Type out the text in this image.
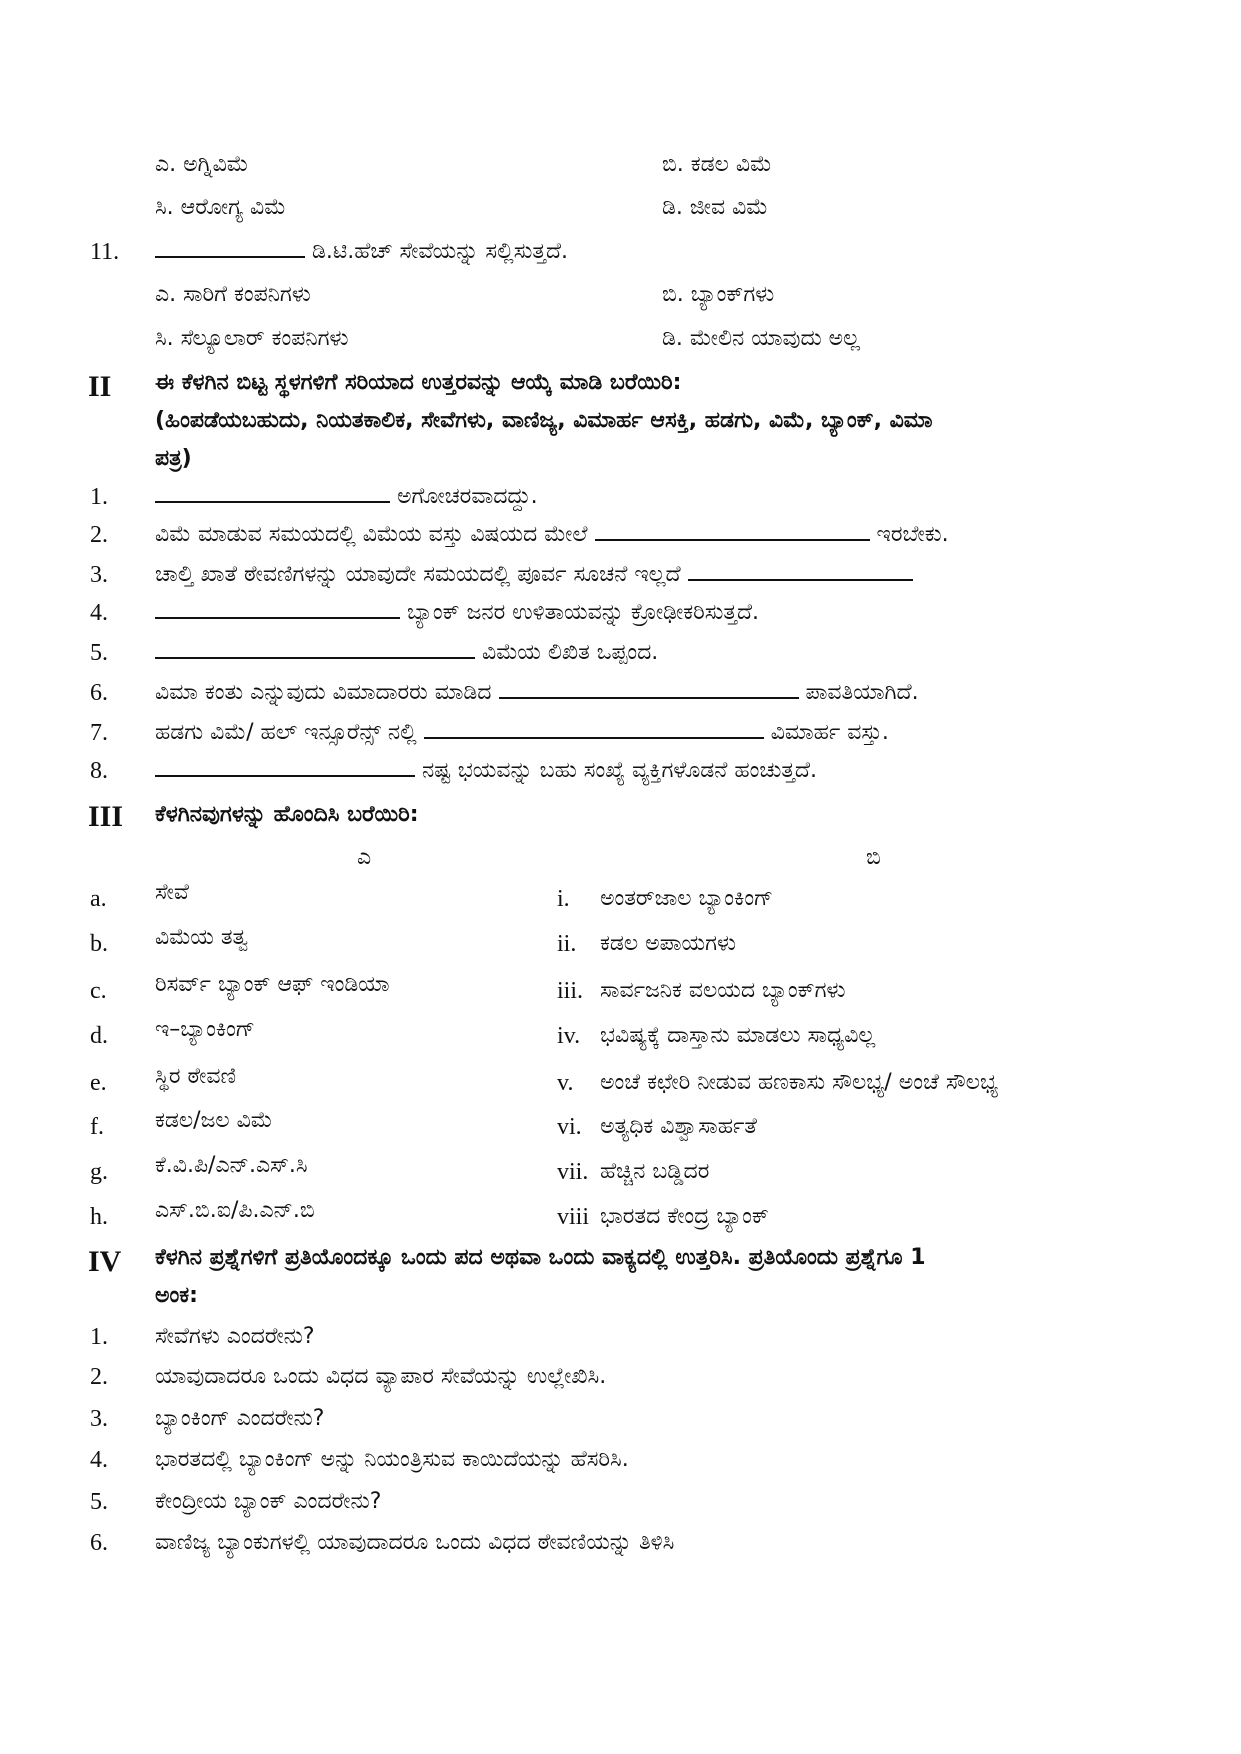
ಎ. ಅಗ್ನಿವಿಮೆ	ಬಿ. ಕಡಲ ವಿಮೆ
ಸಿ. ಆರೋಗ್ಯ ವಿಮೆ	ಡಿ. ಜೀವ ವಿಮೆ
11.	ಡಿ.ಟಿ.ಹೆಚ್ ಸೇವೆಯನ್ನು ಸಲ್ಲಿಸುತ್ತದೆ.
ಎ. ಸಾರಿಗೆ ಕಂಪನಿಗಳು	ಬಿ. ಬ್ಯಾಂಕ್‌ಗಳು
ಸಿ. ಸೆಲ್ಯೂಲಾರ್ ಕಂಪನಿಗಳು	ಡಿ. ಮೇಲಿನ ಯಾವುದು ಅಲ್ಲ
II ಈ ಕೆಳಗಿನ ಬಿಟ್ಟ ಸ್ಥಳಗಳಿಗೆ ಸರಿಯಾದ ಉತ್ತರವನ್ನು ಆಯ್ಕೆ ಮಾಡಿ ಬರೆಯಿರಿ:
(ಹಿಂಪಡೆಯಬಹುದು, ನಿಯತಕಾಲಿಕ, ಸೇವೆಗಳು, ವಾಣಿಜ್ಯ, ವಿಮಾರ್ಹ ಆಸಕ್ತಿ, ಹಡಗು, ವಿಮೆ, ಬ್ಯಾಂಕ್, ವಿಮಾ
ಪತ್ರ)
1.	ಅಗೋಚರವಾದದ್ದು.
2. ವಿಮೆ ಮಾಡುವ ಸಮಯದಲ್ಲಿ ವಿಮೆಯ ವಸ್ತು ವಿಷಯದ ಮೇಲೆ	ಇರಬೇಕು.
3. ಚಾಲ್ತಿ ಖಾತೆ ಠೇವಣಿಗಳನ್ನು ಯಾವುದೇ ಸಮಯದಲ್ಲಿ ಪೂರ್ವ ಸೂಚನೆ ಇಲ್ಲದೆ
4.	ಬ್ಯಾಂಕ್ ಜನರ ಉಳಿತಾಯವನ್ನು ಕ್ರೋಢೀಕರಿಸುತ್ತದೆ.
5.	ವಿಮೆಯ ಲಿಖಿತ ಒಪ್ಪಂದ.
6. ವಿಮಾ ಕಂತು ಎನ್ನುವುದು ವಿಮಾದಾರರು ಮಾಡಿದ	ಪಾವತಿಯಾಗಿದೆ.
7. ಹಡಗು ವಿಮೆ/ ಹಲ್ ಇನ್ಸೂರೆನ್ಸ್ ನಲ್ಲಿ	ವಿಮಾರ್ಹ ವಸ್ತು.
8.	ನಷ್ಟ ಭಯವನ್ನು ಬಹು ಸಂಖ್ಯೆ ವ್ಯಕ್ತಿಗಳೊಡನೆ ಹಂಚುತ್ತದೆ.
III ಕೆಳಗಿನವುಗಳನ್ನು ಹೊಂದಿಸಿ ಬರೆಯಿರಿ:
ಎ	ಬಿ
a. ಸೇವೆ	i. ಅಂತರ್‌ಜಾಲ ಬ್ಯಾಂಕಿಂಗ್
b. ವಿಮೆಯ ತತ್ವ	ii. ಕಡಲ ಅಪಾಯಗಳು
c. ರಿಸರ್ವ್ ಬ್ಯಾಂಕ್ ಆಫ್ ಇಂಡಿಯಾ	iii. ಸಾರ್ವಜನಿಕ ವಲಯದ ಬ್ಯಾಂಕ್‌ಗಳು
d. ಇ–ಬ್ಯಾಂಕಿಂಗ್	iv. ಭವಿಷ್ಯಕ್ಕೆ ದಾಸ್ತಾನು ಮಾಡಲು ಸಾಧ್ಯವಿಲ್ಲ
e. ಸ್ಥಿರ ಠೇವಣಿ	v. ಅಂಚೆ ಕಛೇರಿ ನೀಡುವ ಹಣಕಾಸು ಸೌಲಭ್ಯ/ ಅಂಚೆ ಸೌಲಭ್ಯ
f. ಕಡಲ/ಜಲ ವಿಮೆ	vi. ಅತ್ಯಧಿಕ ವಿಶ್ವಾಸಾರ್ಹತೆ
g. ಕೆ.ವಿ.ಪಿ/ಎನ್.ಎಸ್.ಸಿ	vii. ಹೆಚ್ಚಿನ ಬಡ್ಡಿದರ
h. ಎಸ್.ಬಿ.ಐ/ಪಿ.ಎನ್.ಬಿ	viii ಭಾರತದ ಕೇಂದ್ರ ಬ್ಯಾಂಕ್
IV ಕೆಳಗಿನ ಪ್ರಶ್ನೆಗಳಿಗೆ ಪ್ರತಿಯೊಂದಕ್ಕೂ ಒಂದು ಪದ ಅಥವಾ ಒಂದು ವಾಕ್ಯದಲ್ಲಿ ಉತ್ತರಿಸಿ. ಪ್ರತಿಯೊಂದು ಪ್ರಶ್ನೆಗೂ 1
ಅಂಕ:
1. ಸೇವೆಗಳು ಎಂದರೇನು?
2. ಯಾವುದಾದರೂ ಒಂದು ವಿಧದ ವ್ಯಾಪಾರ ಸೇವೆಯನ್ನು ಉಲ್ಲೇಖಿಸಿ.
3. ಬ್ಯಾಂಕಿಂಗ್ ಎಂದರೇನು?
4. ಭಾರತದಲ್ಲಿ ಬ್ಯಾಂಕಿಂಗ್ ಅನ್ನು ನಿಯಂತ್ರಿಸುವ ಕಾಯಿದೆಯನ್ನು ಹೆಸರಿಸಿ.
5. ಕೇಂದ್ರೀಯ ಬ್ಯಾಂಕ್ ಎಂದರೇನು?
6. ವಾಣಿಜ್ಯ ಬ್ಯಾಂಕುಗಳಲ್ಲಿ ಯಾವುದಾದರೂ ಒಂದು ವಿಧದ ಠೇವಣಿಯನ್ನು ತಿಳಿಸಿ
